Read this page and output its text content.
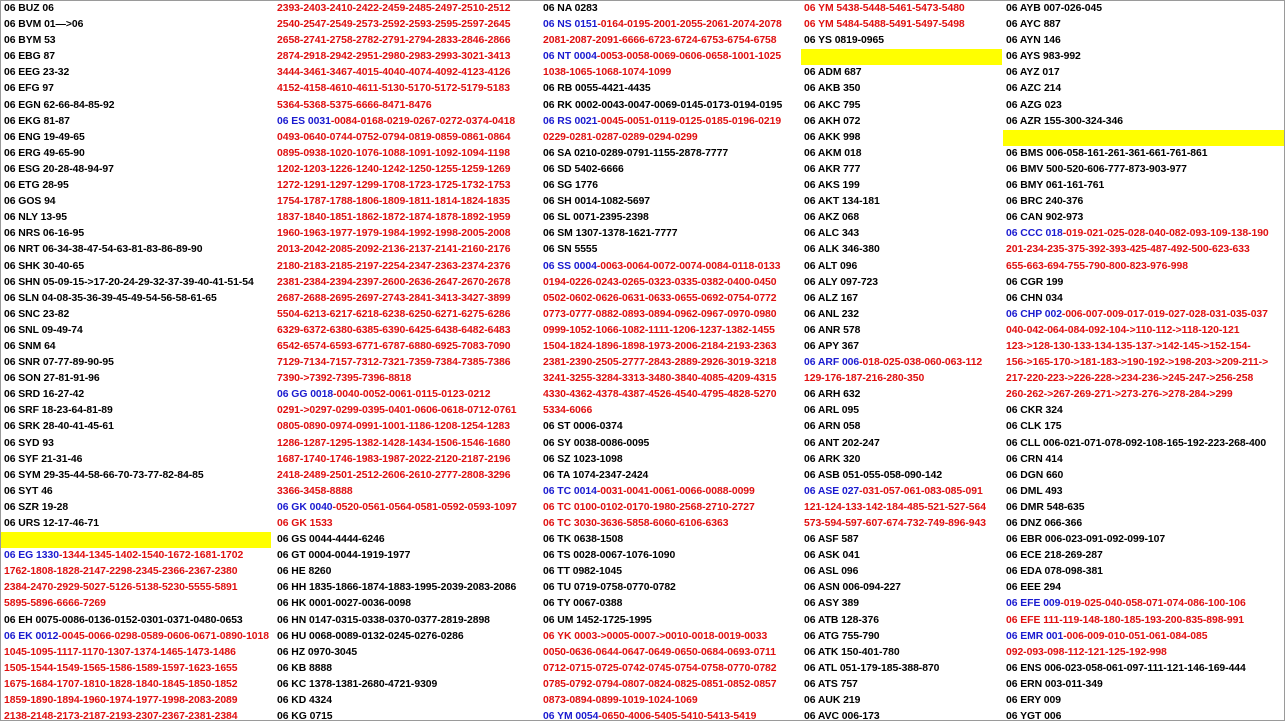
06 BUZ 06
06 BVM 01—>06
06 BYM 53
06 EBG 87
06 EEG 23-32
06 EFG 97
06 EGN 62-66-84-85-92
06 EKG 81-87
06 ENG 19-49-65
06 ERG 49-65-90
06 ESG 20-28-48-94-97
06 ETG 28-95
06 GOS 94
06 NLY 13-95
06 NRS 06-16-95
06 NRT 06-34-38-47-54-63-81-83-86-89-90
06 SHK 30-40-65
06 SHN 05-09-15->17-20-24-29-32-37-39-40-41-51-54
06 SLN 04-08-35-36-39-45-49-54-56-58-61-65
06 SNC 23-82
06 SNL 09-49-74
06 SNM 64
06 SNR 07-77-89-90-95
06 SON 27-81-91-96
06 SRD 16-27-42
06 SRF 18-23-64-81-89
06 SRK 28-40-41-45-61
06 SYD 93
06 SYF 21-31-46
06 SYM 29-35-44-58-66-70-73-77-82-84-85
06 SYT 46
06 SZR 19-28
06 URS 12-17-46-71
06 EG 1330-1344-1345-1402-1540-1672-1681-1702
1762-1808-1828-2147-2298-2345-2366-2367-2380
2384-2470-2929-5027-5126-5138-5230-5555-5891
5895-5896-6666-7269
06 EH 0075-0086-0136-0152-0301-0371-0480-0653
06 EK 0012-0045-0066-0298-0589-0606-0671-0890-1018
1045-1095-1117-1170-1307-1374-1465-1473-1486
1505-1544-1549-1565-1586-1589-1597-1623-1655
1675-1684-1707-1810-1828-1840-1845-1850-1852
1859-1890-1894-1960-1974-1977-1998-2083-2089
2138-2148-2173-2187-2193-2307-2367-2381-2384
2393-2403-2410-2422-2459-2485-2497-2510-2512
2540-2547-2549-2573-2592-2593-2595-2597-2645
2658-2741-2758-2782-2791-2794-2833-2846-2866
2874-2918-2942-2951-2980-2983-2993-3021-3413
3444-3461-3467-4015-4040-4074-4092-4123-4126
4152-4158-4610-4611-5130-5170-5172-5179-5183
5364-5368-5375-6666-8471-8476
06 ES 0031-0084-0168-0219-0267-0272-0374-0418
0493-0640-0744-0752-0794-0819-0859-0861-0864
0895-0938-1020-1076-1088-1091-1092-1094-1198
1202-1203-1226-1240-1242-1250-1255-1259-1269
1272-1291-1297-1299-1708-1723-1725-1732-1753
1754-1787-1788-1806-1809-1811-1814-1824-1835
1837-1840-1851-1862-1872-1874-1878-1892-1959
1960-1963-1977-1979-1984-1992-1998-2005-2008
2013-2042-2085-2092-2136-2137-2141-2160-2176
2180-2183-2185-2197-2254-2347-2363-2374-2376
2381-2384-2394-2397-2600-2636-2647-2670-2678
2687-2688-2695-2697-2743-2841-3413-3427-3899
5504-6213-6217-6218-6238-6250-6271-6275-6286
6329-6372-6380-6385-6390-6425-6438-6482-6483
6542-6574-6593-6771-6787-6880-6925-7083-7090
7129-7134-7157-7312-7321-7359-7384-7385-7386
7390->7392-7395-7396-8818
06 GG 0018-0040-0052-0061-0115-0123-0212
0291->0297-0299-0395-0401-0606-0618-0712-0761
0805-0890-0974-0991-1001-1186-1208-1254-1283
1286-1287-1295-1382-1428-1434-1506-1546-1680
1687-1740-1746-1983-1987-2022-2120-2187-2196
2418-2489-2501-2512-2606-2610-2777-2808-3296
3366-3458-8888
06 GK 0040-0520-0561-0564-0581-0592-0593-1097
06 GK 1533
06 GS 0044-4444-6246
06 GT 0004-0044-1919-1977
06 HE 8260
06 HH 1835-1866-1874-1883-1995-2039-2083-2086
06 HK 0001-0027-0036-0098
06 HN 0147-0315-0338-0370-0377-2819-2898
06 HU 0068-0089-0132-0245-0276-0286
06 HZ 0970-3045
06 KB 8888
06 KC 1378-1381-2680-4721-9309
06 KD 4324
06 KG 0715
06 NA 0283
06 NS 0151-0164-0195-2001-2055-2061-2074-2078
2081-2087-2091-6666-6723-6724-6753-6754-6758
06 NT 0004-0053-0058-0069-0606-0658-1001-1025
1038-1065-1068-1074-1099
06 RB 0055-4421-4435
06 RK 0002-0043-0047-0069-0145-0173-0194-0195
06 RS 0021-0045-0051-0119-0125-0185-0196-0219
0229-0281-0287-0289-0294-0299
06 SA 0210-0289-0791-1155-2878-7777
06 SD 5402-6666
06 SG 1776
06 SH 0014-1082-5697
06 SL 0071-2395-2398
06 SM 1307-1378-1621-7777
06 SN 5555
06 SS 0004-0063-0064-0072-0074-0084-0118-0133
0194-0226-0243-0265-0323-0335-0382-0400-0450
0502-0602-0626-0631-0633-0655-0692-0754-0772
0773-0777-0882-0893-0894-0962-0967-0970-0980
0999-1052-1066-1082-1111-1206-1237-1382-1455
1504-1824-1896-1898-1973-2006-2184-2193-2363
2381-2390-2505-2777-2843-2889-2926-3019-3218
3241-3255-3284-3313-3480-3840-4085-4209-4315
4330-4362-4378-4387-4526-4540-4795-4828-5270
5334-6066
06 ST 0006-0374
06 SY 0038-0086-0095
06 SZ 1023-1098
06 TA 1074-2347-2424
06 TC 0014-0031-0041-0061-0066-0088-0099
06 TC 0100-0102-0170-1980-2568-2710-2727
06 TC 3030-3636-5858-6060-6106-6363
06 TK 0638-1508
06 TS 0028-0067-1076-1090
06 TT 0982-1045
06 TU 0719-0758-0770-0782
06 TY 0067-0388
06 UM 1452-1725-1995
06 YK 0003->0005-0007->0010-0018-0019-0033
0050-0636-0644-0647-0649-0650-0684-0693-0711
0712-0715-0725-0742-0745-0754-0758-0770-0782
0785-0792-0794-0807-0824-0825-0851-0852-0857
0873-0894-0899-1019-1024-1069
06 YM 0054-0650-4006-5405-5410-5413-5419
06 YM 5438-5448-5461-5473-5480
06 YM 5484-5488-5491-5497-5498
06 YS 0819-0965
06 ADM 687
06 AKB 350
06 AKC 795
06 AKH 072
06 AKK 998
06 AKM 018
06 AKR 777
06 AKS 199
06 AKT 134-181
06 AKZ 068
06 ALC 343
06 ALK 346-380
06 ALT 096
06 ALY 097-723
06 ALZ 167
06 ANL 232
06 ANR 578
06 APY 367
06 ARF 006-018-025-038-060-063-112
129-176-187-216-280-350
06 ARH 632
06 ARL 095
06 ARN 058
06 ANT 202-247
06 ARK 320
06 ASB 051-055-058-090-142
06 ASE 027-031-057-061-083-085-091
121-124-133-142-184-485-521-527-564
573-594-597-607-674-732-749-896-943
06 ASF 587
06 ASK 041
06 ASL 096
06 ASN 006-094-227
06 ASY 389
06 ATB 128-376
06 ATG 755-790
06 ATK 150-401-780
06 ATL 051-179-185-388-870
06 ATS 757
06 AUK 219
06 AVC 006-173
06 AYB 007-026-045
06 AYC 887
06 AYN 146
06 AYS 983-992
06 AYZ 017
06 AZC 214
06 AZG 023
06 AZR 155-300-324-346
06 BMS 006-058-161-261-361-661-761-861
06 BMV 500-520-606-777-873-903-977
06 BMY 061-161-761
06 BRC 240-376
06 CAN 902-973
06 CCC 018-019-021-025-028-040-082-093-109-138-190
201-234-235-375-392-393-425-487-492-500-623-633
655-663-694-755-790-800-823-976-998
06 CGR 199
06 CHN 034
06 CHP 002-006-007-009-017-019-027-028-031-035-037
040-042-064-084-092-104->110-112->118-120-121
123->128-130-133-134-135-137->142-145->152-154-
156->165-170->181-183->190-192->198-203->209-211->
217-220-223->226-228->234-236->245-247->256-258
260-262->267-269-271->273-276->278-284->299
06 CKR 324
06 CLK 175
06 CLL 006-021-071-078-092-108-165-192-223-268-400
06 CRN 414
06 DGN 660
06 DML 493
06 DMR 548-635
06 DNZ 066-366
06 EBR 006-023-091-092-099-107
06 ECE 218-269-287
06 EDA 078-098-381
06 EEE 294
06 EFE 009-019-025-040-058-071-074-086-100-106
06 EFE 111-119-148-180-185-193-200-835-898-991
06 EMR 001-006-009-010-051-061-084-085
092-093-098-112-121-125-192-998
06 ENS 006-023-058-061-097-111-121-146-169-444
06 ERN 003-011-349
06 ERY 009
06 YGT 006
